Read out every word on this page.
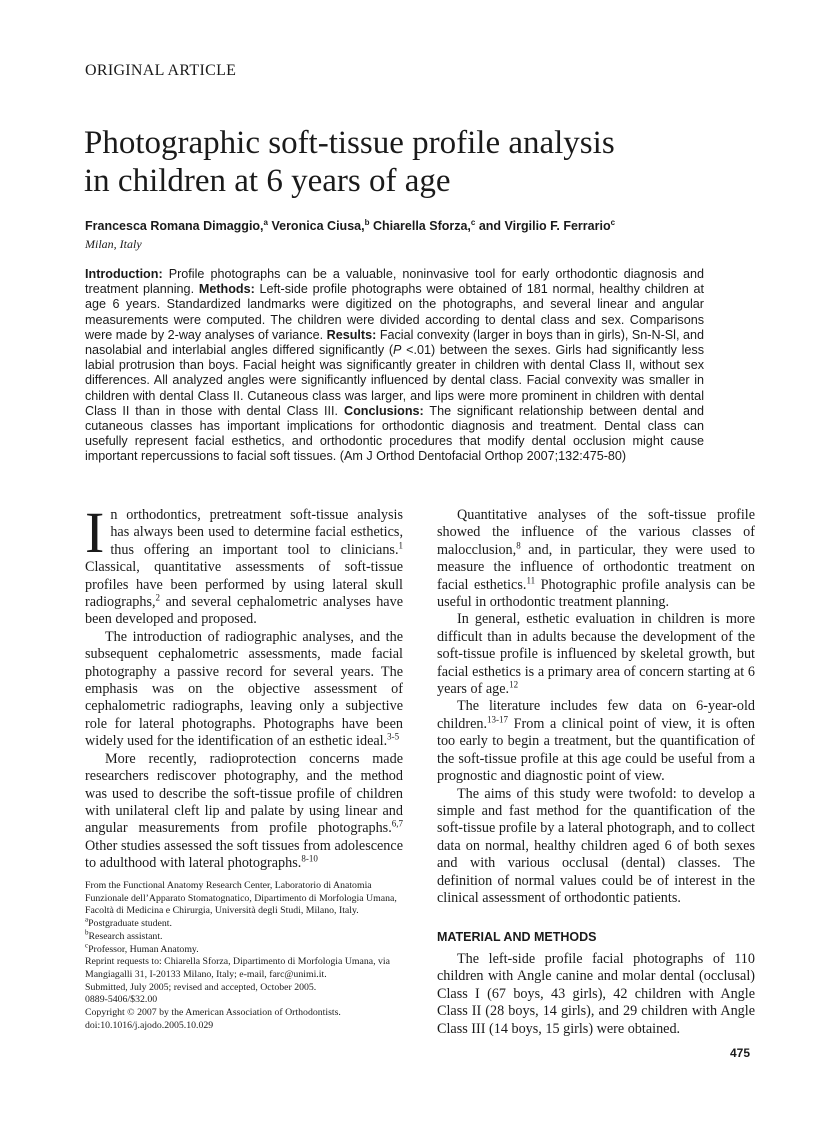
ORIGINAL ARTICLE
Photographic soft-tissue profile analysis
in children at 6 years of age
Francesca Romana Dimaggio,$^a$ Veronica Ciusa,$^b$ Chiarella Sforza,$^c$ and Virgilio F. Ferrario$^c$
Milan, Italy

Introduction: Profile photographs can be a valuable, noninvasive tool for early orthodontic diagnosis and treatment planning. Methods: Left-side profile photographs were obtained of 181 normal, healthy children at age 6 years. Standardized landmarks were digitized on the photographs, and several linear and angular measurements were computed. The children were divided according to dental class and sex. Comparisons were made by 2-way analyses of variance. Results: Facial convexity (larger in boys than in girls), Sn-N-Sl, and nasolabial and interlabial angles differed significantly (P <.01) between the sexes. Girls had significantly less labial protrusion than boys. Facial height was significantly greater in children with dental Class II, without sex differences. All analyzed angles were significantly influenced by dental class. Facial convexity was smaller in children with dental Class II. Cutaneous class was larger, and lips were more prominent in children with dental Class II than in those with dental Class III. Conclusions: The significant relationship between dental and cutaneous classes has important implications for orthodontic diagnosis and treatment. Dental class can usefully represent facial esthetics, and orthodontic procedures that modify dental occlusion might cause important repercussions to facial soft tissues. (Am J Orthod Dentofacial Orthop 2007;132:475-80)

In orthodontics, pretreatment soft-tissue analysis has always been used to determine facial esthetics, thus offering an important tool to clinicians.$^1$ Classical, quantitative assessments of soft-tissue profiles have been performed by using lateral skull radiographs,$^2$ and several cephalometric analyses have been developed and proposed.

The introduction of radiographic analyses, and the subsequent cephalometric assessments, made facial photography a passive record for several years. The emphasis was on the objective assessment of cephalometric radiographs, leaving only a subjective role for lateral photographs. Photographs have been widely used for the identification of an esthetic ideal.$^{3-5}$

More recently, radioprotection concerns made researchers rediscover photography, and the method was used to describe the soft-tissue profile of children with unilateral cleft lip and palate by using linear and angular measurements from profile photographs.$^{6,7}$ Other studies assessed the soft tissues from adolescence to adulthood with lateral photographs.$^{8-10}$

From the Functional Anatomy Research Center, Laboratorio di Anatomia
Funzionale dell’Apparato Stomatognatico, Dipartimento di Morfologia Umana,
Facoltà di Medicina e Chirurgia, Università degli Studi, Milano, Italy.
$^a$Postgraduate student.
$^b$Research assistant.
$^c$Professor, Human Anatomy.
Reprint requests to: Chiarella Sforza, Dipartimento di Morfologia Umana, via
Mangiagalli 31, I-20133 Milano, Italy; e-mail, farc@unimi.it.
Submitted, July 2005; revised and accepted, October 2005.
0889-5406/$32.00
Copyright © 2007 by the American Association of Orthodontists.
doi:10.1016/j.ajodo.2005.10.029

Quantitative analyses of the soft-tissue profile showed the influence of the various classes of malocclusion,$^8$ and, in particular, they were used to measure the influence of orthodontic treatment on facial esthetics.$^{11}$ Photographic profile analysis can be useful in orthodontic treatment planning.

In general, esthetic evaluation in children is more difficult than in adults because the development of the soft-tissue profile is influenced by skeletal growth, but facial esthetics is a primary area of concern starting at 6 years of age.$^{12}$

The literature includes few data on 6-year-old children.$^{13-17}$ From a clinical point of view, it is often too early to begin a treatment, but the quantification of the soft-tissue profile at this age could be useful from a prognostic and diagnostic point of view.

The aims of this study were twofold: to develop a simple and fast method for the quantification of the soft-tissue profile by a lateral photograph, and to collect data on normal, healthy children aged 6 of both sexes and with various occlusal (dental) classes. The definition of normal values could be of interest in the clinical assessment of orthodontic patients.

MATERIAL AND METHODS

The left-side profile facial photographs of 110 children with Angle canine and molar dental (occlusal) Class I (67 boys, 43 girls), 42 children with Angle Class II (28 boys, 14 girls), and 29 children with Angle Class III (14 boys, 15 girls) were obtained.

475
